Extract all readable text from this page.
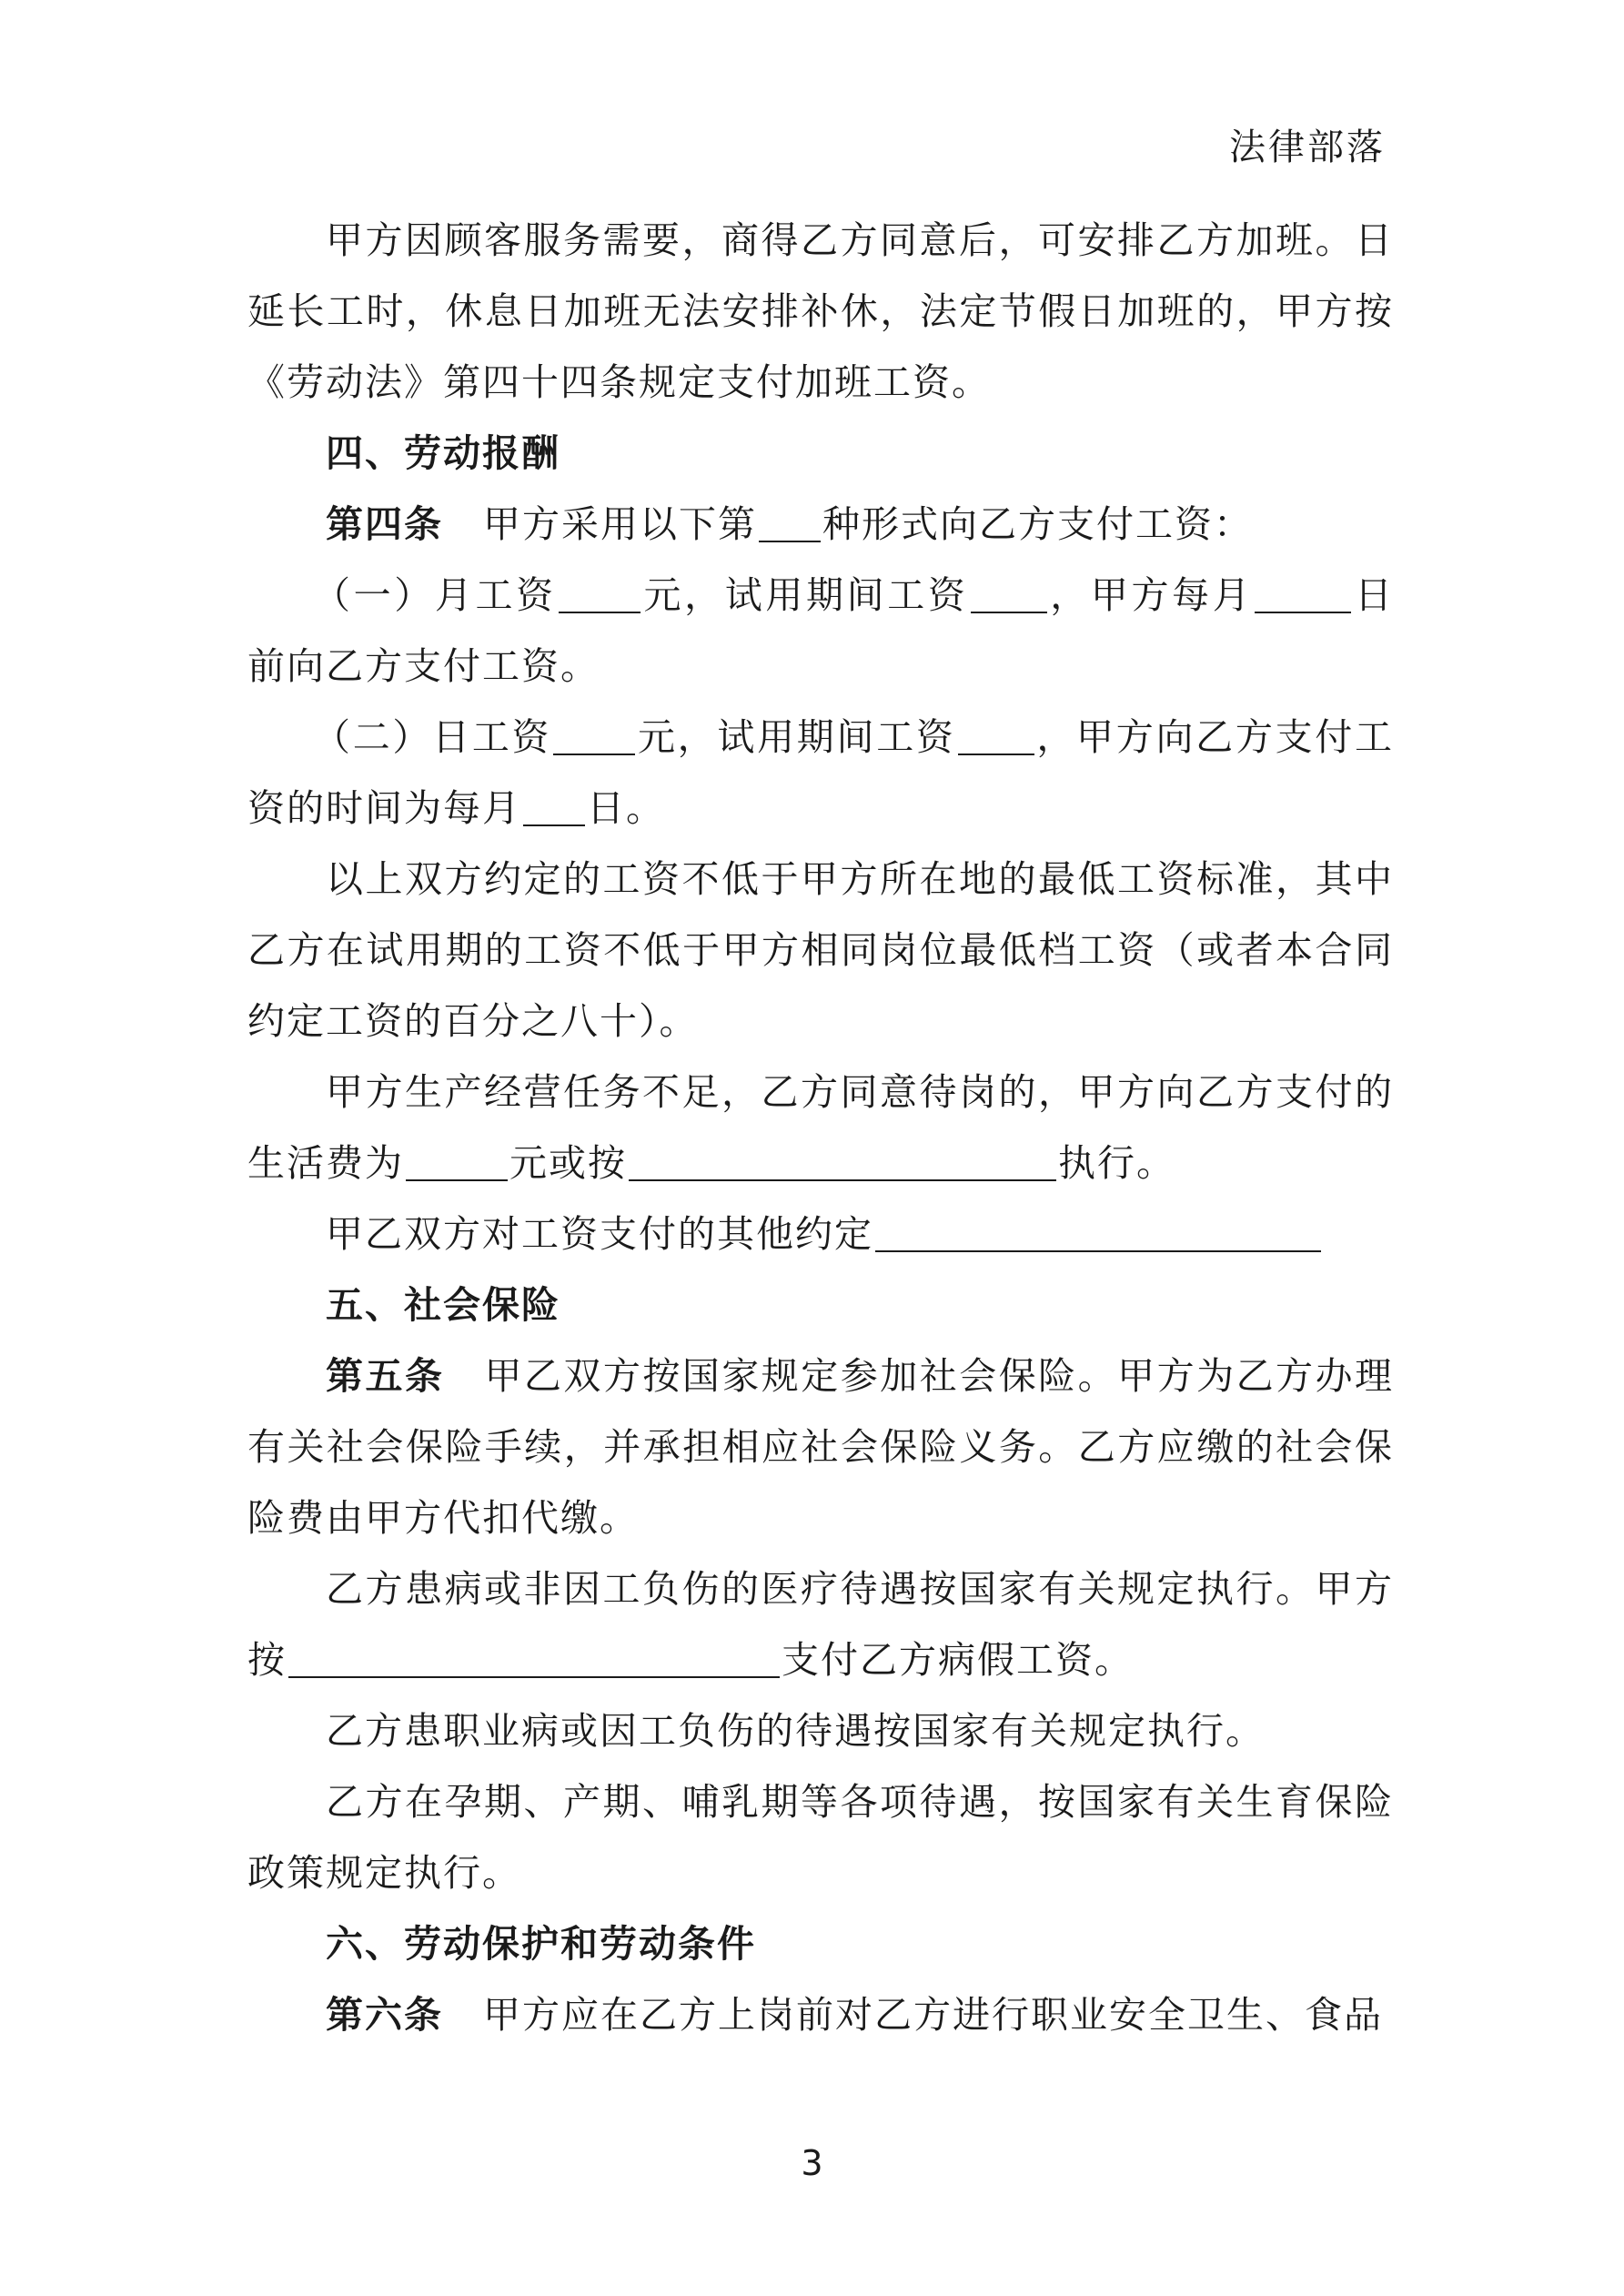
法律部落

甲方因顾客服务需要，商得乙方同意后，可安排乙方加班。日延长工时，休息日加班无法安排补休，法定节假日加班的，甲方按《劳动法》第四十四条规定支付加班工资。

四、劳动报酬

第四条 甲方采用以下第 种形式向乙方支付工资：

（一）月工资 元，试用期间工资 ，甲方每月	日前向乙方支付工资。

（二）日工资 元，试用期间工资 ，甲方向乙方支付工资的时间为每月 日。

以上双方约定的工资不低于甲方所在地的最低工资标准，其中乙方在试用期的工资不低于甲方相同岗位最低档工资（或者本合同约定工资的百分之八十）。

甲方生产经营任务不足，乙方同意待岗的，甲方向乙方支付的生活费为	元或按	执行。

甲乙双方对工资支付的其他约定

五、社会保险

第五条 甲乙双方按国家规定参加社会保险。甲方为乙方办理有关社会保险手续，并承担相应社会保险义务。乙方应缴的社会保险费由甲方代扣代缴。

乙方患病或非因工负伤的医疗待遇按国家有关规定执行。甲方按	支付乙方病假工资。

乙方患职业病或因工负伤的待遇按国家有关规定执行。

乙方在孕期、产期、哺乳期等各项待遇，按国家有关生育保险政策规定执行。

六、劳动保护和劳动条件

第六条 甲方应在乙方上岗前对乙方进行职业安全卫生、食品

3
